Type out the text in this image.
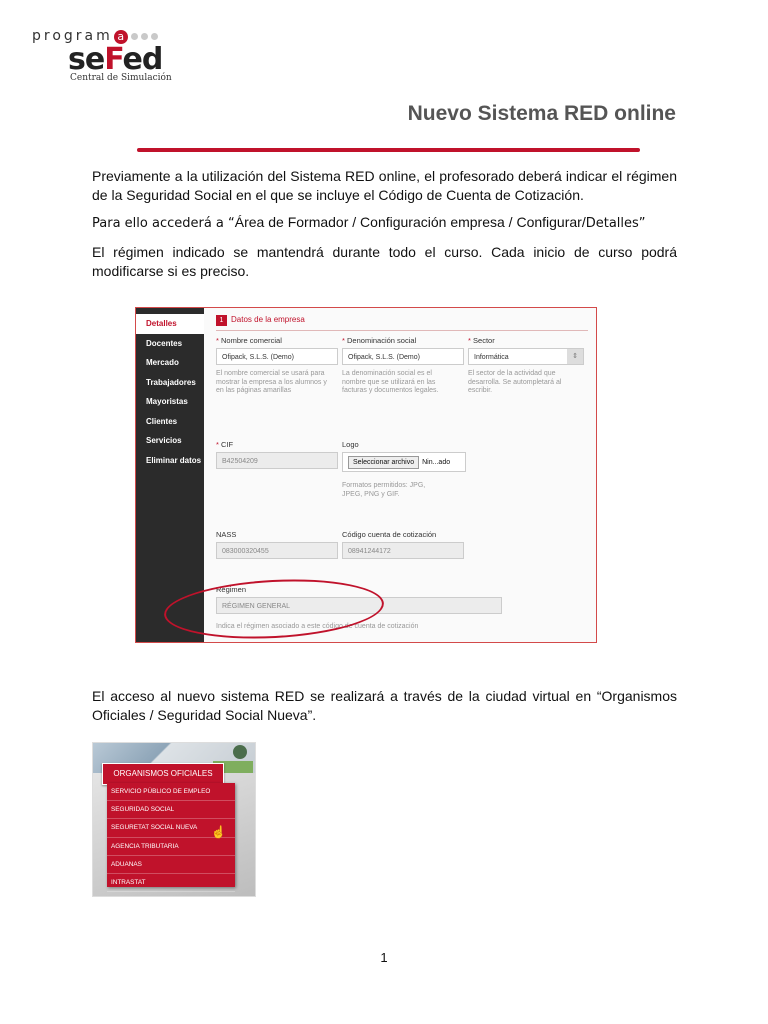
program a
seFed
Central de Simulación
Nuevo Sistema RED online
Previamente a la utilización del Sistema RED online, el profesorado deberá indicar el régimen de la Seguridad Social en el que se incluye el Código de Cuenta de Cotización.
Para ello accederá a “Área de Formador / Configuración empresa / Configurar/Detalles”
El régimen indicado se mantendrá durante todo el curso. Cada inicio de curso podrá modificarse si es preciso.
Detalles
Docentes
Mercado
Trabajadores
Mayoristas
Clientes
Servicios
Eliminar datos
1 Datos de la empresa
* Nombre comercial
Ofipack, S.L.S. (Demo)
El nombre comercial se usará para mostrar la empresa a los alumnos y en las páginas amarillas
* Denominación social
Ofipack, S.L.S. (Demo)
La denominación social es el nombre que se utilizará en las facturas y documentos legales.
* Sector
Informática	⇕
El sector de la actividad que desarrolla. Se autompletará al escribir.
* CIF
B42504209
Logo
Seleccionar archivo Nin...ado
Formatos permitidos: JPG, JPEG, PNG y GIF.
NASS
083000320455
Código cuenta de cotización
08941244172
Régimen
RÉGIMEN GENERAL
Indica el régimen asociado a este código de cuenta de cotización
El acceso al nuevo sistema RED se realizará a través de la ciudad virtual en “Organismos Oficiales / Seguridad Social Nueva”.
ORGANISMOS OFICIALES
SERVICIO PÚBLICO DE EMPLEO
SEGURIDAD SOCIAL
SEGURETAT SOCIAL NUEVA
AGENCIA TRIBUTARIA
ADUANAS
INTRASTAT
☝
1
